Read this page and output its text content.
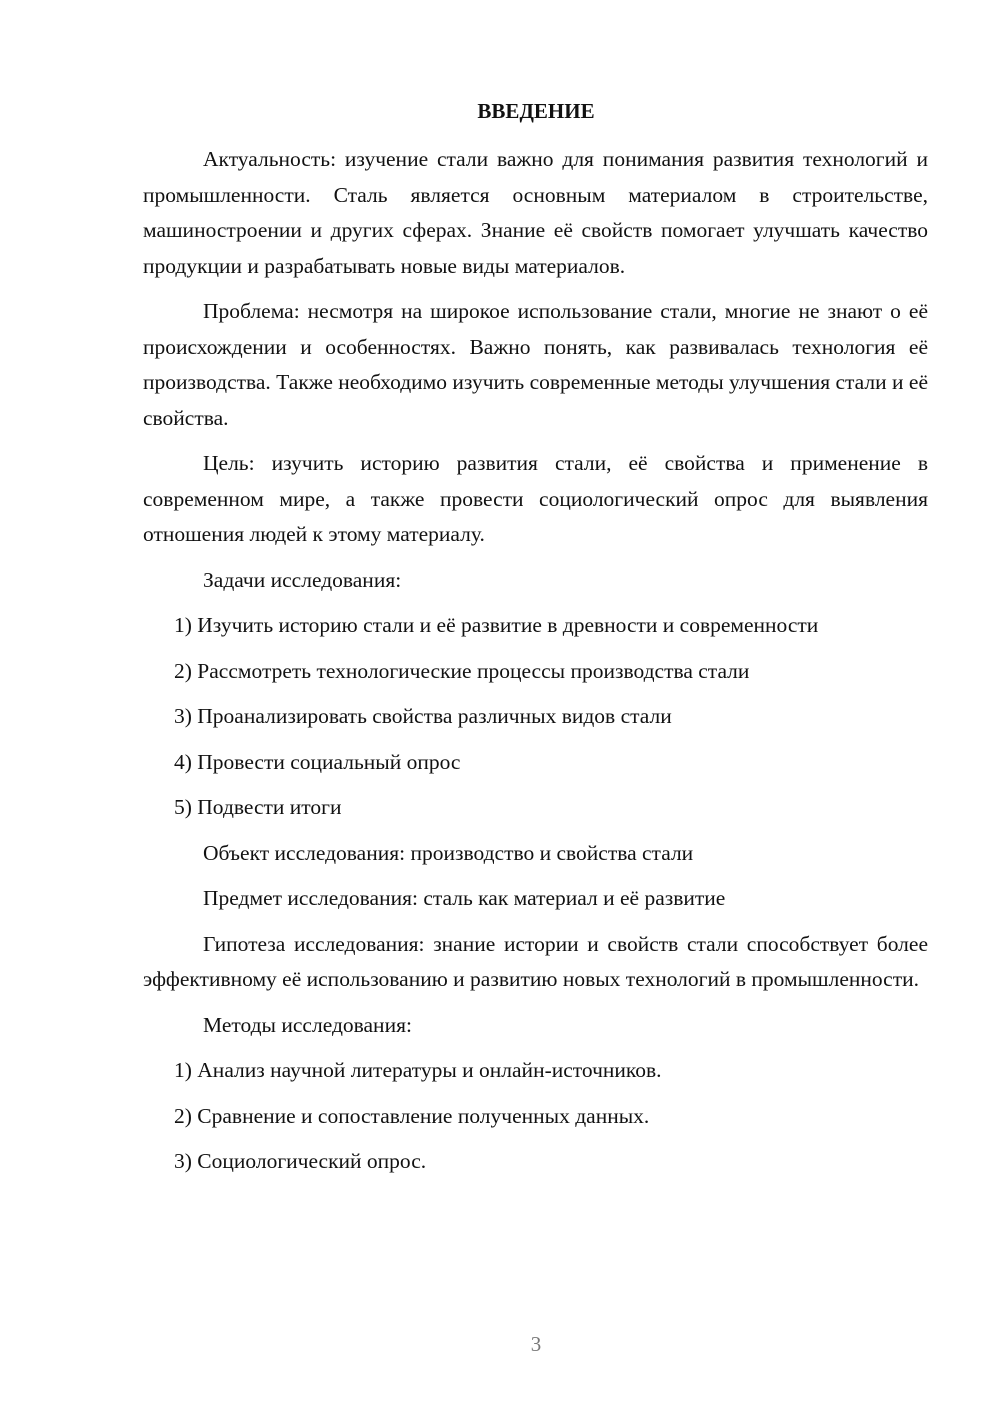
ВВЕДЕНИЕ

Актуальность: изучение стали важно для понимания развития технологий и промышленности. Сталь является основным материалом в строительстве, машиностроении и других сферах. Знание её свойств помогает улучшать качество продукции и разрабатывать новые виды материалов.

Проблема: несмотря на широкое использование стали, многие не знают о её происхождении и особенностях. Важно понять, как развивалась технология её производства. Также необходимо изучить современные методы улучшения стали и её свойства.

Цель: изучить историю развития стали, её свойства и применение в современном мире, а также провести социологический опрос для выявления отношения людей к этому материалу.

Задачи исследования:

1) Изучить историю стали и её развитие в древности и современности

2) Рассмотреть технологические процессы производства стали

3) Проанализировать свойства различных видов стали

4) Провести социальный опрос

5) Подвести итоги

Объект исследования: производство и свойства стали

Предмет исследования: сталь как материал и её развитие

Гипотеза исследования: знание истории и свойств стали способствует более эффективному её использованию и развитию новых технологий в промышленности.

Методы исследования:

1) Анализ научной литературы и онлайн-источников.

2) Сравнение и сопоставление полученных данных.

3) Социологический опрос.

3
